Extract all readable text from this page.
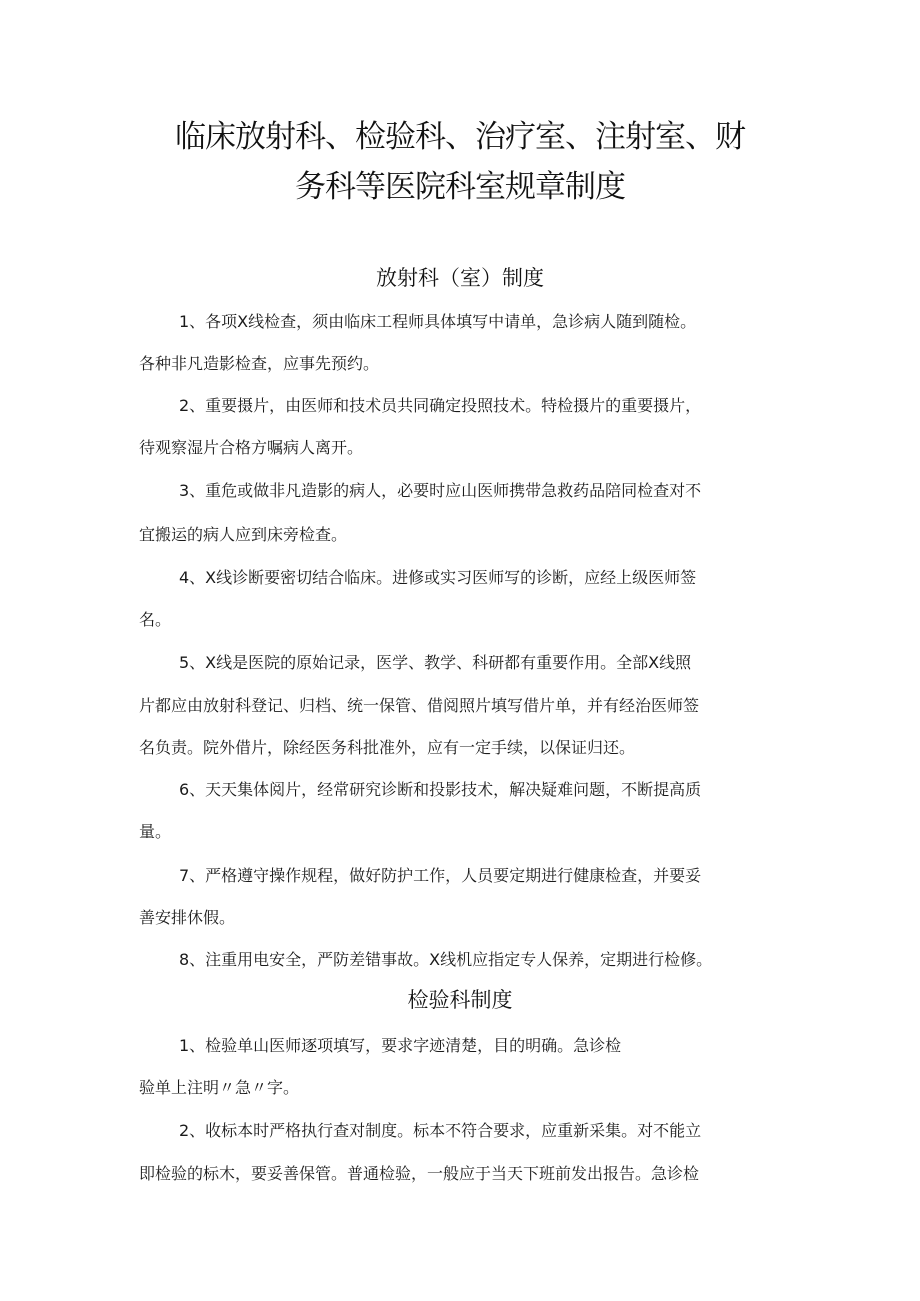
临床放射科、检验科、治疗室、注射室、财
务科等医院科室规章制度
放射科（室）制度
1、各项X线检查，须由临床工程师具体填写中请单，急诊病人随到随检。
各种非凡造影检查，应事先预约。
2、重要摄片，由医师和技术员共同确定投照技术。特检摄片的重要摄片，
待观察湿片合格方嘱病人离开。
3、重危或做非凡造影的病人，必要时应山医师携带急救药品陪同检查对不
宜搬运的病人应到床旁检查。
4、X线诊断要密切结合临床。进修或实习医师写的诊断，应经上级医师签
名。
5、X线是医院的原始记录，医学、教学、科研都有重要作用。全部X线照
片都应由放射科登记、归档、统一保管、借阅照片填写借片单，并有经治医师签
名负责。院外借片，除经医务科批准外，应有一定手续，以保证归还。
6、天天集体阅片，经常研究诊断和投影技术，解决疑难问题，不断提高质
量。
7、严格遵守操作规程，做好防护工作，人员要定期进行健康检查，并要妥
善安排休假。
8、注重用电安全，严防差错事故。X线机应指定专人保养，定期进行检修。
检验科制度
1、检验单山医师逐项填写，要求字迹清楚，目的明确。急诊检
验单上注明〃急〃字。
2、收标本时严格执行查对制度。标本不符合要求，应重新采集。对不能立
即检验的标木，要妥善保管。普通检验，一般应于当天下班前发出报告。急诊检
